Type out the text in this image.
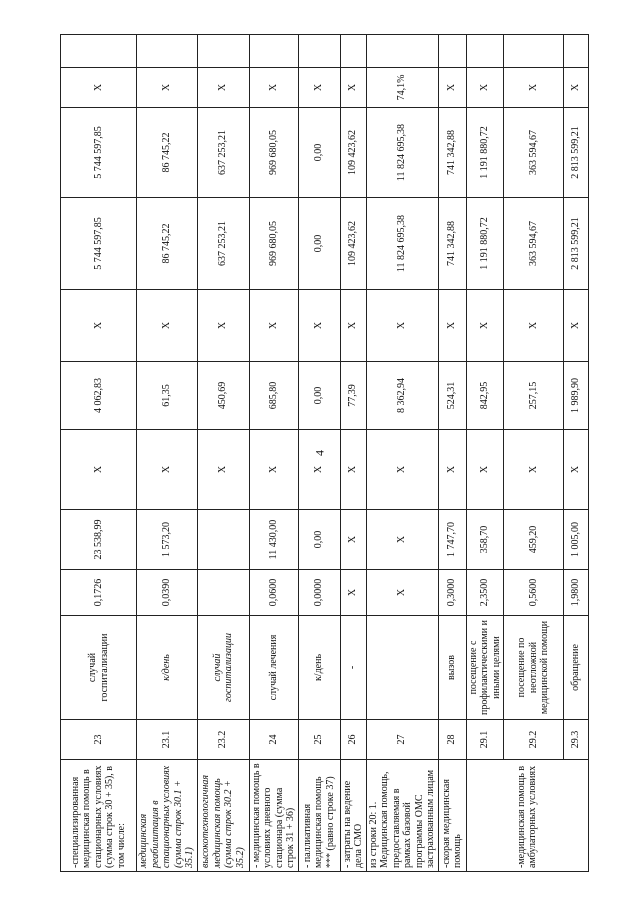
4
-специализированная медицинская помощь в стационарных условиях (сумма строк 30 + 35), в том числе:	23	случай госпитализации	0,1726	23 538,99	X	4 062,83	X	5 744 597,85	5 744 597,85	X	
медицинская реабилитация в стационарных условиях (сумма строк 30.1 + 35.1)	23.1	к/день	0,0390	1 573,20	X	61,35	X	86 745,22	86 745,22	X	
высокотехнологичная медицинская помощь (сумма строк 30.2 + 35.2)	23.2	случай госпитализации			X	450,69	X	637 253,21	637 253,21	X	
- медицинская помощь в условиях дневного стационара (сумма строк 31 + 36)	24	случай лечения	0,0600	11 430,00	X	685,80	X	969 680,05	969 680,05	X	
- паллиативная медицинская помощь *** (равно строке 37)	25	к/день	0,0000	0,00	X	0,00	X	0,00	0,00	X	
- затраты на ведение дела СМО	26	-	X	X	X	77,39	X	109 423,62	109 423,62	X	
из строки 20: 1. Медицинская помощь, предоставляемая в рамках базовой программы ОМС застрахованным лицам	27		X	X	X	8 362,94	X	11 824 695,38	11 824 695,38	74,1%	
-скорая медицинская помощь	28	вызов	0,3000	1 747,70	X	524,31	X	741 342,88	741 342,88	X	
-медицинская помощь в амбулаторных условиях	29.1	посещение с профилактическими и иными целями	2,3500	358,70	X	842,95	X	1 191 880,72	1 191 880,72	X	
	29.2	посещение по неотложной медицинской помощи	0,5600	459,20	X	257,15	X	363 594,67	363 594,67	X	
	29.3	обращение	1,9800	1 005,00	X	1 989,90	X	2 813 599,21	2 813 599,21	X	
